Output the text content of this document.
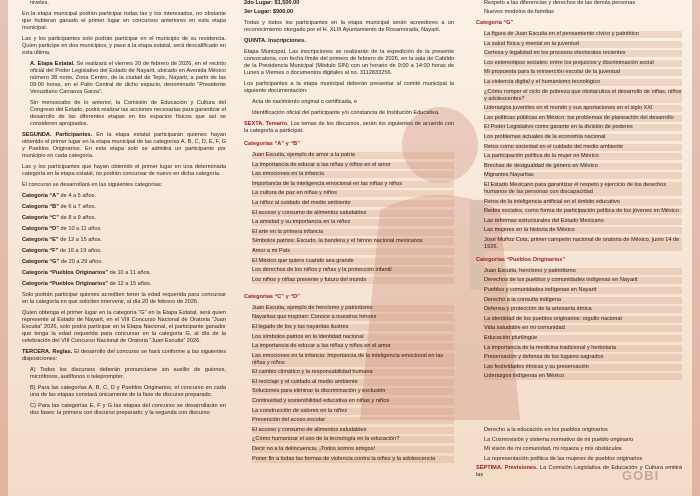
niveles.

En la etapa municipal podrán participar todas las y los interesados, no obstante que hubieran ganado el primer lugar en concursos anteriores en esta etapa municipal.

Las y los participantes solo podrán participar en el municipio de su residencia. Quien participe en dos municipios, y pase a la etapa estatal, será descalificado en esta última.

A. Etapa Estatal. Se realizará el viernes 20 de febrero de 2026, en el recinto oficial del Poder Legislativo del Estado de Nayarit, ubicado en Avenida México número 38 norte, Zona Centro, de la ciudad de Tepic, Nayarit, a partir de las 09:00 horas, en el Palio Central de dicho espacio, denominado “Presidente Venustiano Carranza Garza”.

Sin menoscabo de lo anterior, la Comisión de Educación y Cultura del Congreso del Estado, podrá realizar las acciones necesarias para garantizar el desarrollo de las diferentes etapas en los espacios físicos que así se consideren apropiados.

SEGUNDA. Participantes. En la etapa estatal participarán quienes hayan obtenido el primer lugar en la etapa municipal de las categorías A, B, C, D, E, F, G y Pueblos Originarios. En esta etapa solo se admitirá un participante por municipio en cada categoría.

Las y los participantes que hayan obtenido el primer lugar en una determinada categoría en la etapa estatal, no podrán concursar de nuevo en dicha categoría.

El concurso se desarrollará en las siguientes categorías:

Categoría “A” de 4 a 5 años.

Categoría “B” de 6 a 7 años.

Categoría “C” de 8 a 9 años.

Categoría “D” de 10 a 11 años.

Categoría “E” de 12 a 15 años.

Categoría “F” de 16 a 19 años.

Categoría “G” de 20 a 29 años.

Categoría “Pueblos Originarios” de 10 a 11 años.

Categoría “Pueblos Originarios” de 12 a 15 años.

Solo podrán participar quienes acrediten tener la edad requerida para concursar en la categoría en que soliciten intervenir, al día 20 de febrero de 2026.

Quien obtenga el primer lugar en la categoría “G” en la Etapa Estatal, será quien represente al Estado de Nayarit, en el VIII Concurso Nacional de Oratoria “Juan Escutia” 2026, solo podrá participar en la Etapa Nacional, el participante ganador que tenga la edad requerida para concursar en la categoría G, al día de la celebración del VIII Concurso Nacional de Oratoria “Juan Escutia” 2026.

TERCERA. Reglas. El desarrollo del concurso se hará conforme a las siguientes disposiciones:

A) Todos los discursos deberán pronunciarse sin auxilio de guiones, micrófonos, audífonos o teleprompter.

B) Para las categorías A, B, C, D y Pueblos Originarios, el concurso en cada una de las etapas constará únicamente de la fase de discurso preparado.

C) Para las categorías E, F y G las etapas del concurso se desarrollarán en dos fases: la primera con discurso preparado; y la segunda con discurso

2do Lugar: $1,500.00

3er Lugar: $900.00

Todas y todos los participantes en la etapa municipal serán acreedores a un reconocimiento otorgado por el H. XLIII Ayuntamiento de Rosamorada, Nayarit.

QUINTA. Inscripciones.

Etapa Municipal. Las inscripciones se realizarán de la expedición de la presente convocatoria, con fecha límite del primero de febrero de 2026, en la sala de Cabildo de la Presidencia Municipal (Módulo SIN) con un horario de 9:00 a 14:00 horas de Lunes a Viernes o documentos digitales al no. 3112833256.

Los participantes a la etapa municipal deberán presentar al comité municipal la siguiente documentación:

Acta de nacimiento original o certificada, e

Identificación oficial del participante y/o constancia de Institución Educativa.

SEXTA. Temario. Los temas de los discursos, serán los siguientes de acuerdo con la categoría a participar.

Categorías “A” y “B”
Juan Escutia, ejemplo de amor a la patria
La importancia de educar a las niñas y niños en el amor
Las emociones en la infancia
Importancia de la inteligencia emocional en las niñas y niños
La cultura de paz en niñas y niños
La niñez al cuidado del medio ambiente
El acceso y consumo de alimentos saludables
La amistad y su importancia en la niñez
El arte en la primera infancia
Símbolos patrios: Escudo, la bandera y el himno nacional mexicanos
Amor a mi País
El México que quiero cuando sea grande
Los derechos de los niños y niñas y la protección infantil
Los niños y niñas presente y futuro del mundo
Categorías “C” y “D”
Juan Escutia, ejemplo de heroísmo y patriotismo
Nayaritas que inspiran: Conoce a nuestros héroes
El legado de los y las nayaritas ilustres
Los símbolos patrios en la identidad nacional
La importancia de educar a las niñas y niños en el amor
Las emociones en la infancia: Importancia de la inteligencia emocional en las niñas y niños
El cambio climático y la responsabilidad humana
El reciclaje y el cuidado al medio ambiente
Soluciones para eliminar la discriminación y exclusión
Continuidad y sostenibilidad educativa en niñas y niños
La construcción de valores en la niñez
Prevención del acoso escolar
El acceso y consumo de alimentos saludables
¿Cómo humanizar el uso de la tecnología en la educación?
Decir no a la delincuencia, ¡Todos somos amigos!
Poner fin a todas las formas de violencia contra la niñez y la adolescencia

Respeto a las diferencias y derechos de las demás personas

Nuevos modelos de familias

Categoría “G”
La figura de Juan Escutia en el pensamiento cívico y patriótico
La salud física y mental en la juventud
Certeza y legalidad en los procesos electorales recientes
Los estereotipos sociales: entre los prejuicios y discriminación social
Mi propuesta para la reinserción escolar de la juventud
La violencia digital y el humanismo tecnológico
¿Cómo romper el ciclo de pobreza que obstaculiza el desarrollo de niñas, niños y adolescentes?
Liderazgos juveniles en el mundo y sus aportaciones en el siglo XXI
Las políticas públicas en México: los problemas de planeación del desarrollo
El Poder Legislativo como garante en la división de poderes
Los problemas actuales de la economía nacional
Retos como sociedad en el cuidado del medio ambiente
La participación política de la mujer en México
Brechas de desigualdad de género en México
Migrantes Nayaritas
El Estado Mexicano para garantizar el respeto y ejercicio de los derechos humanos de las personas con discapacidad
Retos de la inteligencia artificial en el ámbito educativo
Redes sociales, como forma de participación política de los jóvenes en México
Las reformas estructurales del Estado Mexicano
Las mujeres en la historia de México
José Muñoz Cota, primer campeón nacional de oratoria de México, junio 14 de 1926.
Categorías “Pueblos Originarios”
Juan Escutia, heroísmo y patriotismo
Derechos de los pueblos y comunidades indígenas en Nayarit
Pueblos y comunidades indígenas en Nayarit
Derecho a la consulta indígena
Defensa y protección de la artesanía étnica
La identidad de los pueblos originarios: orgullo nacional
Vida saludable en mi comunidad
Educación plurilingüe
La importancia de la medicina tradicional y herbolaria
Preservación y defensa de los lugares sagrados
Las festividades étnicas y su preservación
Liderazgos indígenas en México
Derecho a la educación en los pueblos originarios
La Cosmovisión y sistema normativo de mi pueblo originario
Mi visión de mi comunidad, mi riqueza y mis obstáculos
La representación política de las mujeres de pueblos originarios

SÉPTIMA. Previsiones. La Comisión Legislativa de Educación y Cultura emitirá las	GOBI
